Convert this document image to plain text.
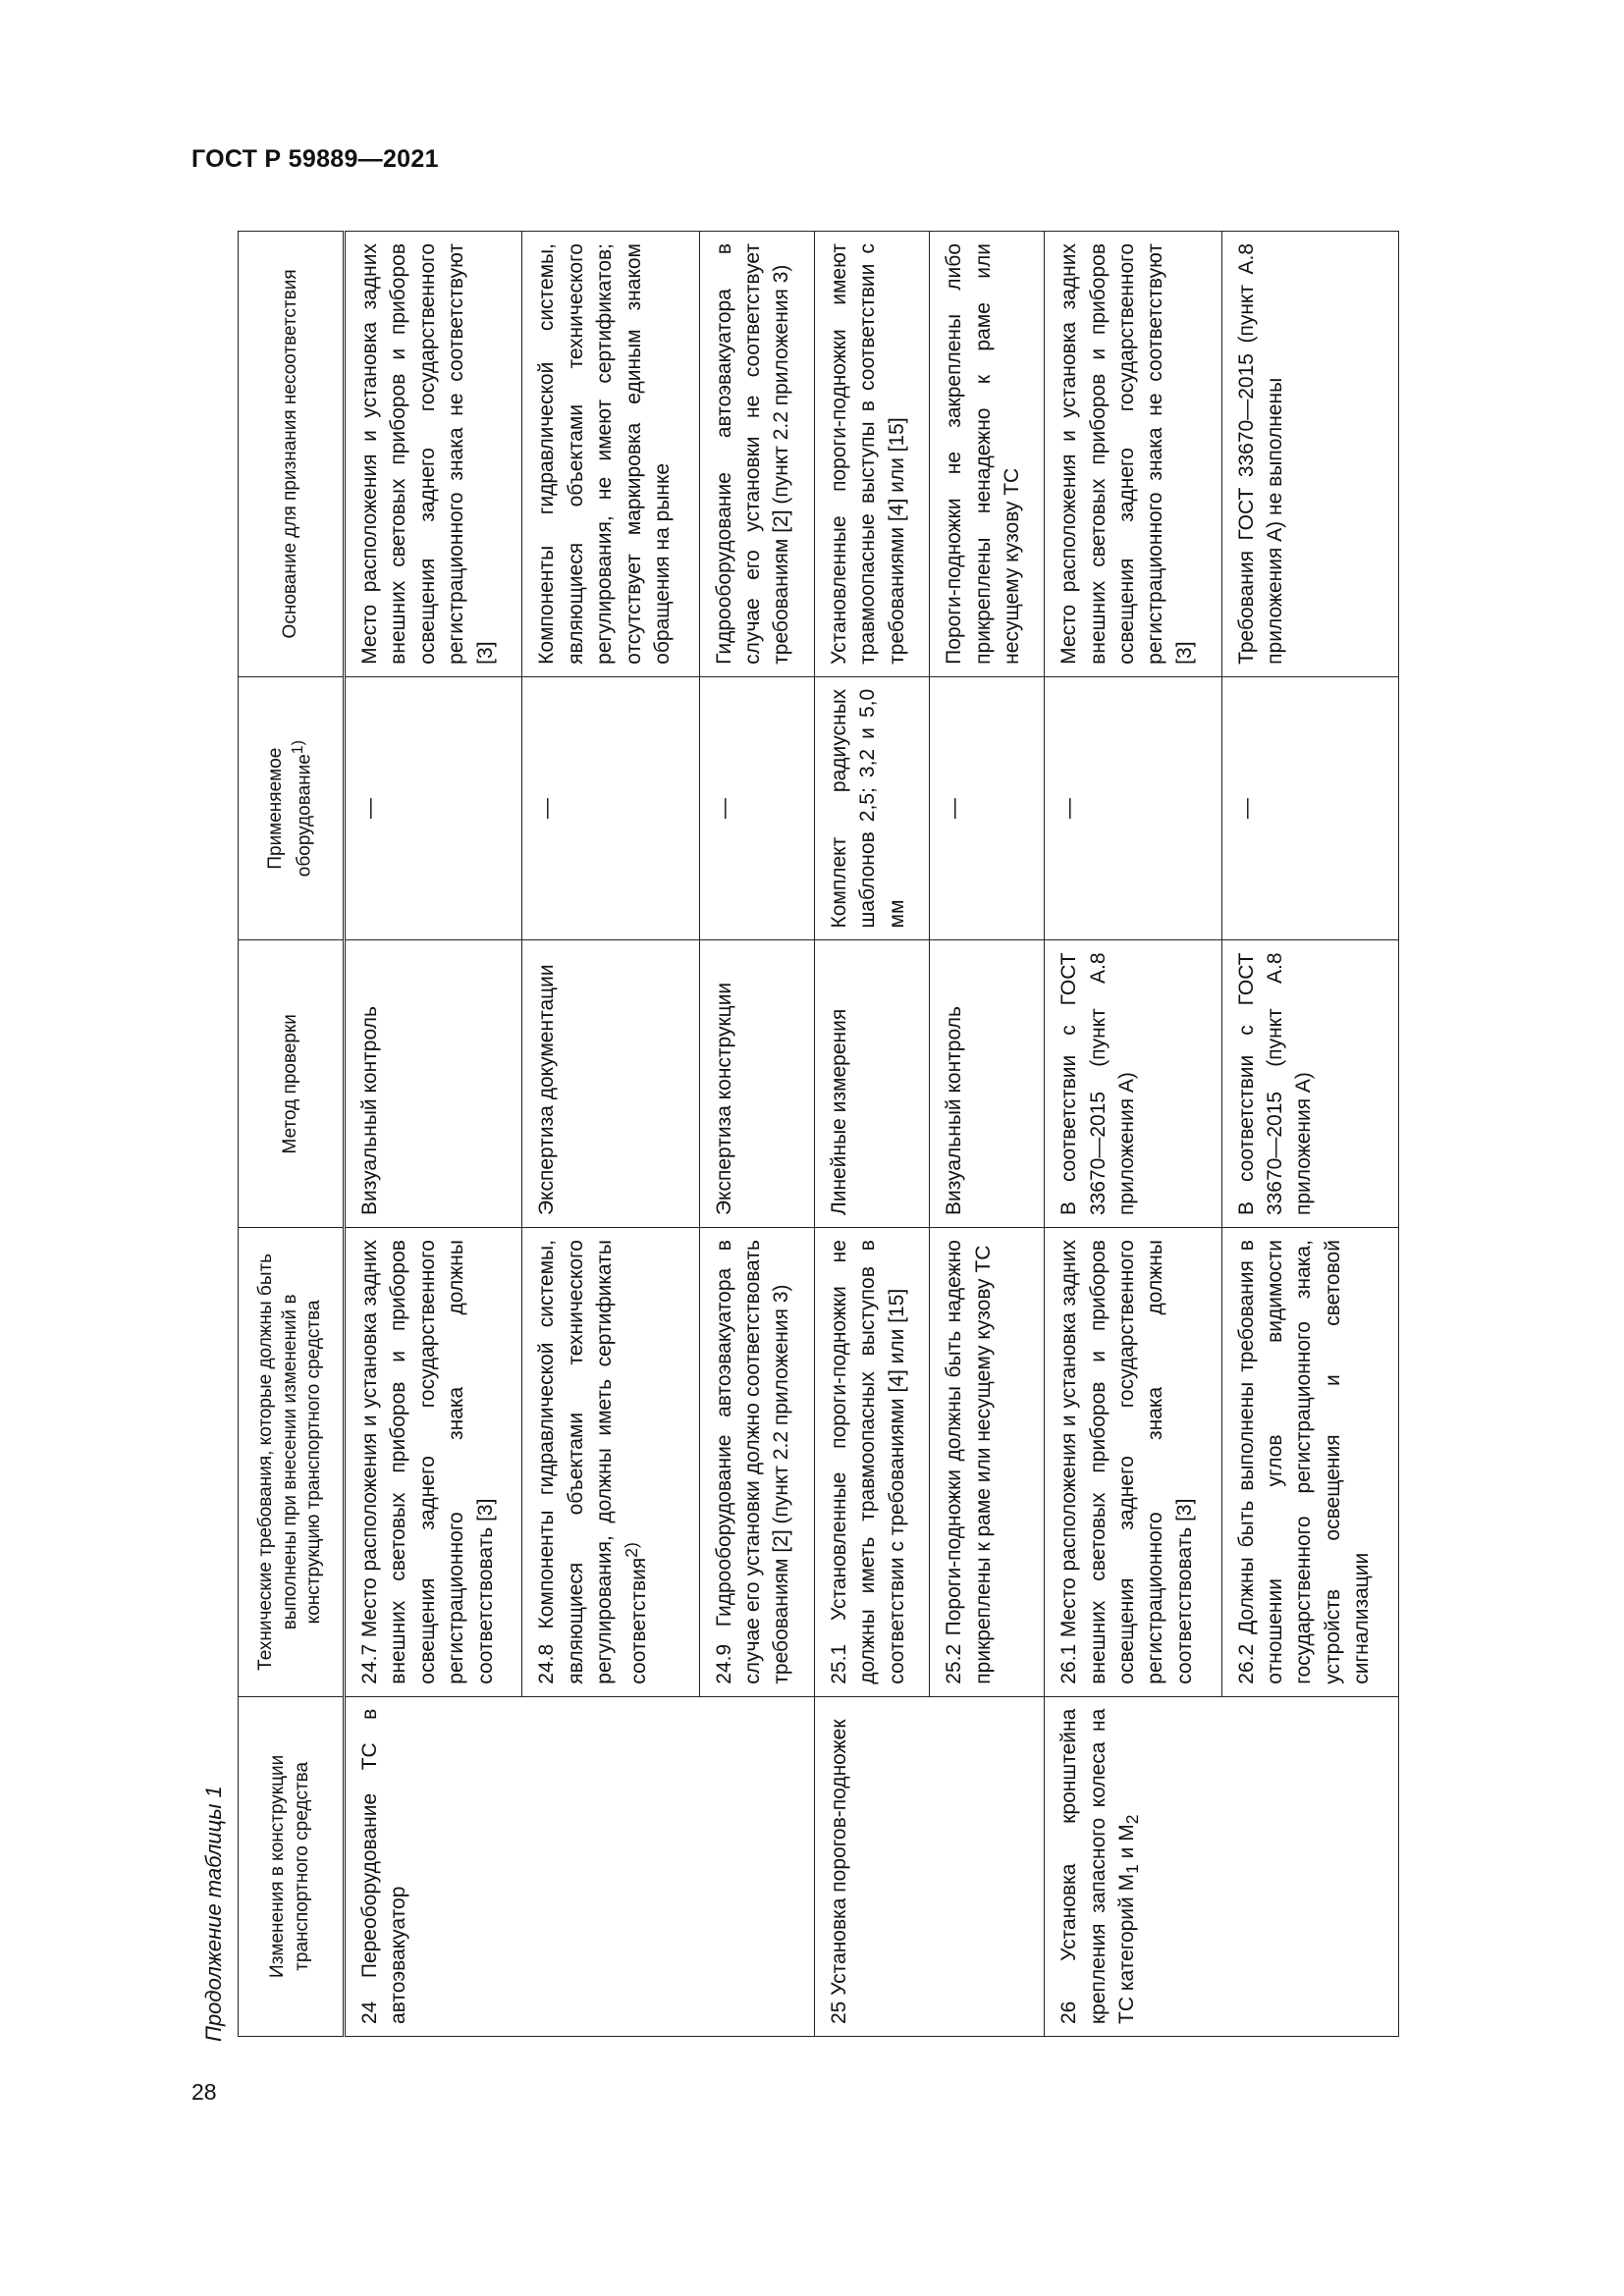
ГОСТ Р 59889—2021
Продолжение таблицы 1
28
Изменения в конструкции транспортного средства	Технические требования, которые должны быть выполнены при внесении изменений в конструкцию транспортного средства	Метод проверки	Применяемое оборудование$^{1)}$	Основание для признания несоответствия
24 Переоборудование ТС в автоэвакуатор	24.7 Место расположения и установка задних внешних световых приборов и приборов освещения заднего государственного регистрационного знака должны соответствовать [3]	Визуальный контроль	—	Место расположения и установка задних внешних световых приборов и приборов освещения заднего государственного регистрационного знака не соответствуют [3]
	24.8 Компоненты гидравлической системы, являющиеся объектами технического регулирования, должны иметь сертификаты соответствия$^{2)}$	Экспертиза документации	—	Компоненты гидравлической системы, являющиеся объектами технического регулирования, не имеют сертификатов; отсутствует маркировка единым знаком обращения на рынке
	24.9 Гидрооборудование автоэвакуатора в случае его установки должно соответствовать требованиям [2] (пункт 2.2 приложения 3)	Экспертиза конструкции	—	Гидрооборудование автоэвакуатора в случае его установки не соответствует требованиям [2] (пункт 2.2 приложения 3)
25 Установка порогов-подножек	25.1 Установленные пороги-подножки не должны иметь травмоопасных выступов в соответствии с требованиями [4] или [15]	Линейные измерения	Комплект радиусных шаблонов 2,5; 3,2 и 5,0 мм	Установленные пороги-подножки имеют травмоопасные выступы в соответствии с требованиями [4] или [15]
	25.2 Пороги-подножки должны быть надежно прикреплены к раме или несущему кузову ТС	Визуальный контроль	—	Пороги-подножки не закреплены либо прикреплены ненадежно к раме или несущему кузову ТС
26 Установка кронштейна крепления запасного колеса на ТС категорий $M_1$ и $M_2$	26.1 Место расположения и установка задних внешних световых приборов и приборов освещения заднего государственного регистрационного знака должны соответствовать [3]	В соответствии с ГОСТ 33670—2015 (пункт А.8 приложения А)	—	Место расположения и установка задних внешних световых приборов и приборов освещения заднего государственного регистрационного знака не соответствуют [3]
	26.2 Должны быть выполнены требования в отношении углов видимости государственного регистрационного знака, устройств освещения и световой сигнализации	В соответствии с ГОСТ 33670—2015 (пункт А.8 приложения А)	—	Требования ГОСТ 33670—2015 (пункт А.8 приложения А) не выполнены
